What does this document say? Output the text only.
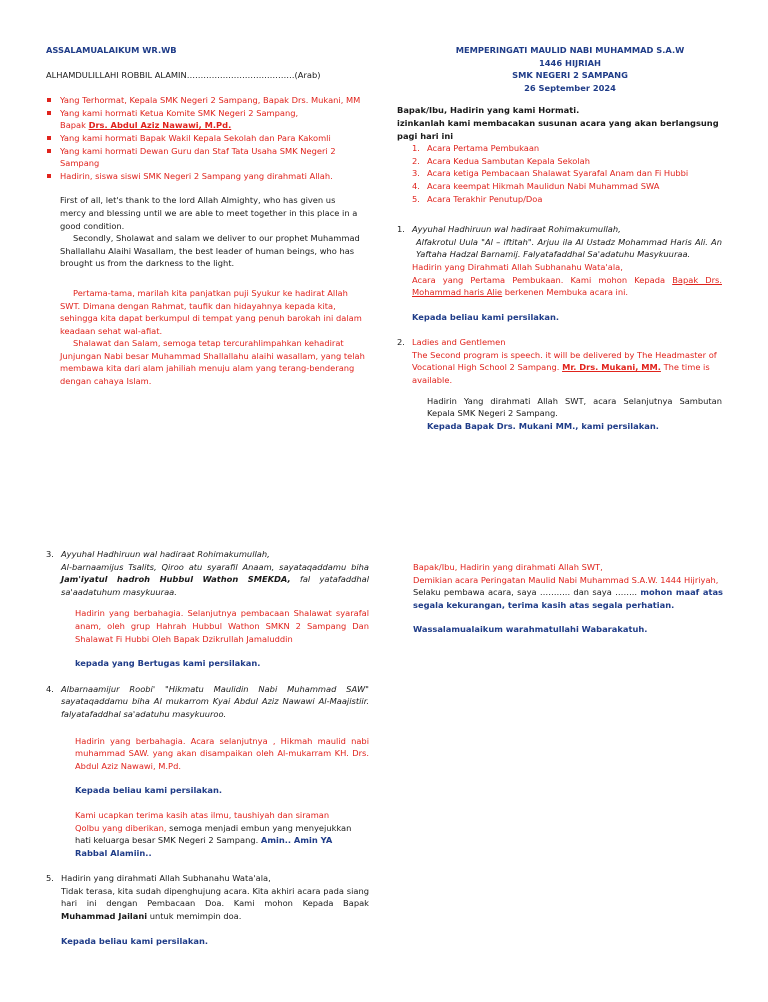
ASSALAMUALAIKUM WR.WB

ALHAMDULILLAHI ROBBIL ALAMIN…………………………………(Arab)

Yang Terhormat, Kepala SMK Negeri 2 Sampang, Bapak Drs. Mukani, MM
Yang kami hormati Ketua Komite SMK Negeri 2 Sampang,
Bapak Drs. Abdul Aziz Nawawi, M.Pd.
Yang kami hormati Bapak Wakil Kepala Sekolah dan Para Kakomli
Yang kami hormati Dewan Guru dan Staf Tata Usaha SMK Negeri 2 Sampang
Hadirin, siswa siswi SMK Negeri 2 Sampang yang dirahmati Allah.

First of all, let's thank to the lord Allah Almighty, who has given us mercy and blessing until we are able to meet together in this place in a good condition.

Secondly, Sholawat and salam we deliver to our prophet Muhammad Shallallahu Alaihi Wasallam, the best leader of human beings, who has brought us from the darkness to the light.

Pertama-tama, marilah kita panjatkan puji Syukur ke hadirat Allah SWT. Dimana dengan Rahmat, taufik dan hidayahnya kepada kita, sehingga kita dapat berkumpul di tempat yang penuh barokah ini dalam keadaan sehat wal-afiat.

Shalawat dan Salam, semoga tetap tercurahlimpahkan kehadirat Junjungan Nabi besar Muhammad Shallallahu alaihi wasallam, yang telah membawa kita dari alam jahiliah menuju alam yang terang-benderang dengan cahaya Islam.

MEMPERINGATI MAULID NABI MUHAMMAD S.A.W

1446 HIJRIAH

SMK NEGERI 2 SAMPANG

26 September 2024

Bapak/Ibu, Hadirin yang kami Hormati.

izinkanlah kami membacakan susunan acara yang akan berlangsung pagi hari ini

1. Acara Pertama Pembukaan
2. Acara Kedua Sambutan Kepala Sekolah
3. Acara ketiga Pembacaan Shalawat Syarafal Anam dan Fi Hubbi
4. Acara keempat Hikmah Maulidun Nabi Muhammad SWA
5. Acara Terakhir Penutup/Doa
1. Ayyuhal Hadhiruun wal hadiraat Rohimakumullah,

Alfakrotul Uula "Al – iftitah". Arjuu ila Al Ustadz Mohammad Haris Ali. An Yaftaha Hadzal Barnamij. Falyatafaddhal Sa'adatuhu Masykuuraa.

Hadirin yang Dirahmati Allah Subhanahu Wata'ala,

Acara yang Pertama Pembukaan. Kami mohon Kepada Bapak Drs. Mohammad haris Alie berkenen Membuka acara ini.

Kepada beliau kami persilakan.

2. Ladies and Gentlemen

The Second program is speech. it will be delivered by The Headmaster of Vocational High School 2 Sampang. Mr. Drs. Mukani, MM. The time is available.

Hadirin Yang dirahmati Allah SWT, acara Selanjutnya Sambutan Kepala SMK Negeri 2 Sampang.

Kepada Bapak Drs. Mukani MM., kami persilakan.

3. Ayyuhal Hadhiruun wal hadiraat Rohimakumullah,

Al-barnaamijus Tsalits, Qiroo atu syarafil Anaam, sayataqaddamu biha Jam'iyatul hadroh Hubbul Wathon SMEKDA, fal yatafaddhal sa'aadatuhum masykuuraa.

Hadirin yang berbahagia. Selanjutnya pembacaan Shalawat syarafal anam, oleh grup Hahrah Hubbul Wathon SMKN 2 Sampang Dan Shalawat Fi Hubbi Oleh Bapak Dzikrullah Jamaluddin

kepada yang Bertugas kami persilakan.

4. Albarnaamijur Roobi' "Hikmatu Maulidin Nabi Muhammad SAW" sayataqaddamu biha Al mukarrom Kyai Abdul Aziz Nawawi Al-Maajistiir. falyatafaddhal sa'adatuhu masykuuroo.

Hadirin yang berbahagia. Acara selanjutnya , Hikmah maulid nabi muhammad SAW. yang akan disampaikan oleh Al-mukarram KH. Drs. Abdul Aziz Nawawi, M.Pd.

Kepada beliau kami persilakan.

Kami ucapkan terima kasih atas ilmu, taushiyah dan siraman Qolbu yang diberikan, semoga menjadi embun yang menyejukkan hati keluarga besar SMK Negeri 2 Sampang. Amin.. Amin YA Rabbal Alamiin..

5. Hadirin yang dirahmati Allah Subhanahu Wata'ala,

Tidak terasa, kita sudah dipenghujung acara. Kita akhiri acara pada siang hari ini dengan Pembacaan Doa. Kami mohon Kepada Bapak Muhammad Jailani untuk memimpin doa.

Kepada beliau kami persilakan.

Bapak/Ibu, Hadirin yang dirahmati Allah SWT,

Demikian acara Peringatan Maulid Nabi Muhammad S.A.W. 1444 Hijriyah,

Selaku pembawa acara, saya ……….. dan saya …….. mohon maaf atas segala kekurangan, terima kasih atas segala perhatian.

Wassalamualaikum warahmatullahi Wabarakatuh.
